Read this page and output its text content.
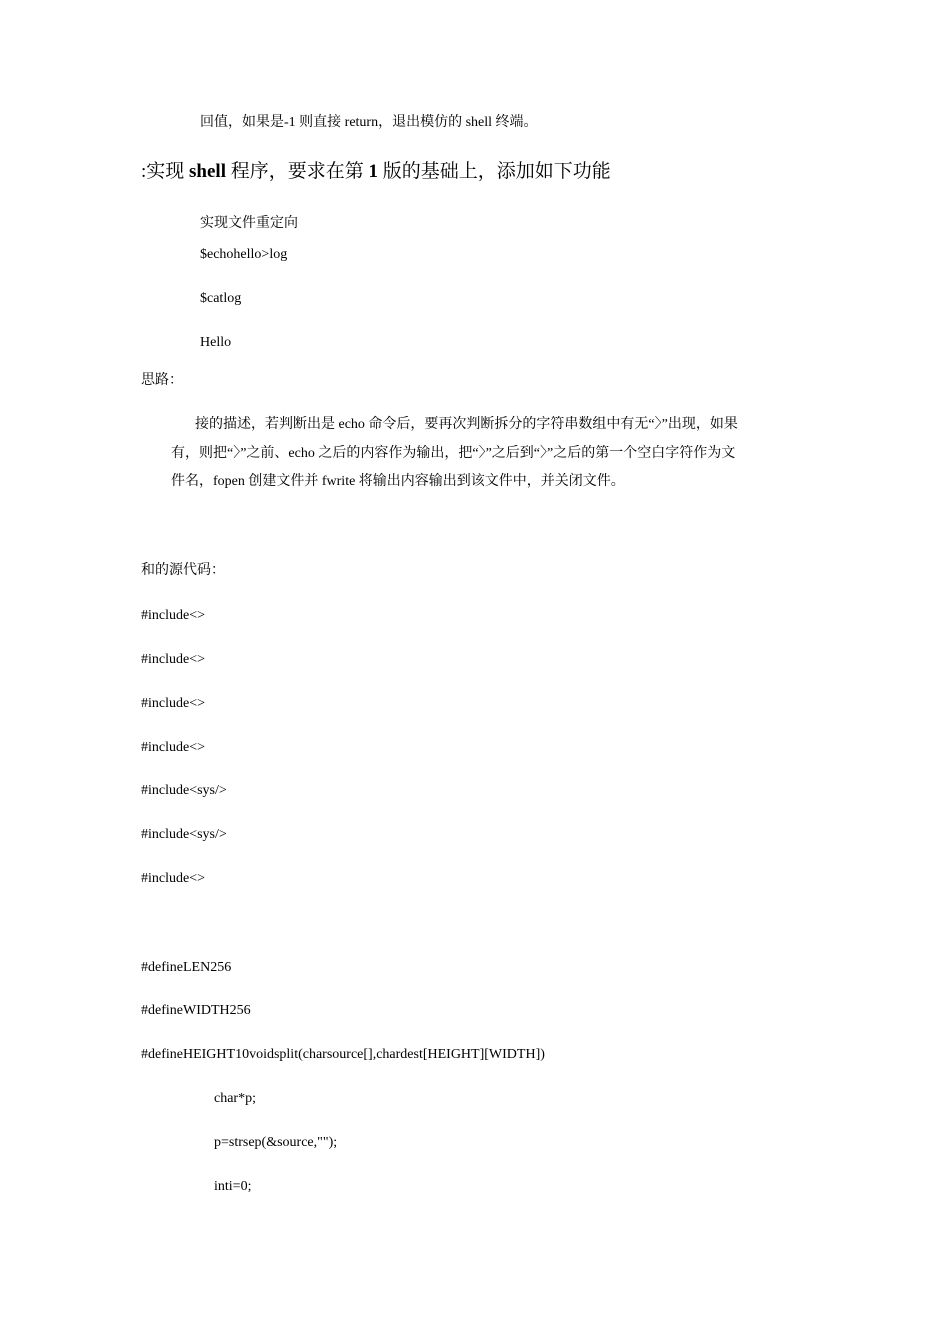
回值，如果是-1 则直接 return，退出模仿的 shell 终端。
:实现 shell 程序，要求在第 1 版的基础上，添加如下功能
实现文件重定向
$echohello>log
$catlog
Hello
思路：
接的描述，若判断出是 echo 命令后，要再次判断拆分的字符串数组中有无“〉”出现，如果
有，则把“〉”之前、echo 之后的内容作为输出，把“〉”之后到“〉”之后的第一个空白字符作为文
件名，fopen 创建文件并 fwrite 将输出内容输出到该文件中，并关闭文件。
和的源代码：
#include<>
#include<>
#include<>
#include<>
#include<sys/>
#include<sys/>
#include<>
#defineLEN256
#defineWIDTH256
#defineHEIGHT10voidsplit(charsource[],chardest[HEIGHT][WIDTH])
char*p;
p=strsep(&source,"");
inti=0;
